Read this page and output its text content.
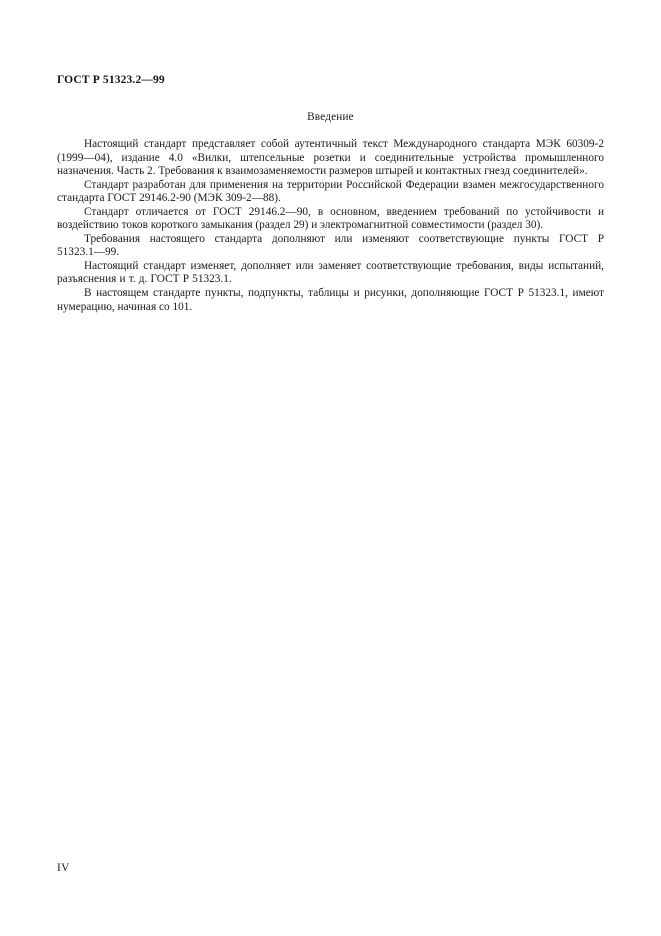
ГОСТ Р 51323.2—99
Введение

Настоящий стандарт представляет собой аутентичный текст Международного стандарта МЭК 60309-2 (1999—04), издание 4.0 «Вилки, штепсельные розетки и соединительные устройства промышленного назначения. Часть 2. Требования к взаимозаменяемости размеров штырей и контактных гнезд соединителей».

Стандарт разработан для применения на территории Российской Федерации взамен межгосударственного стандарта ГОСТ 29146.2-90 (МЭК 309-2—88).

Стандарт отличается от ГОСТ 29146.2—90, в основном, введением требований по устойчивости и воздействию токов короткого замыкания (раздел 29) и электромагнитной совместимости (раздел 30).

Требования настоящего стандарта дополняют или изменяют соответствующие пункты ГОСТ Р 51323.1—99.

Настоящий стандарт изменяет, дополняет или заменяет соответствующие требования, виды испытаний, разъяснения и т. д. ГОСТ Р 51323.1.

В настоящем стандарте пункты, подпункты, таблицы и рисунки, дополняющие ГОСТ Р 51323.1, имеют нумерацию, начиная со 101.

IV
